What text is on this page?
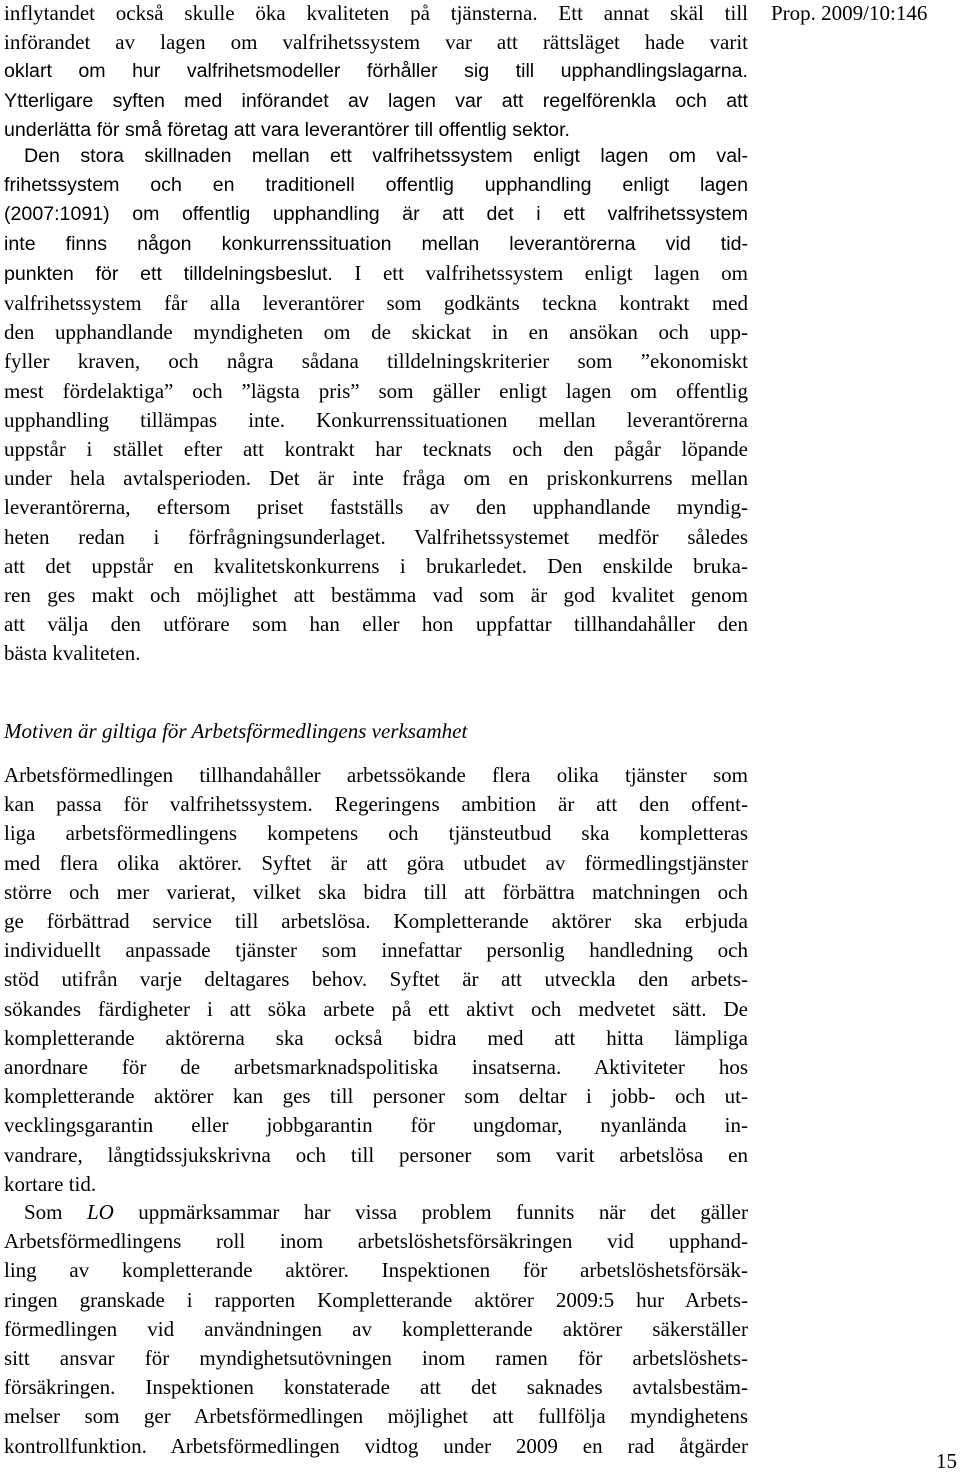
Prop. 2009/10:146
inflytandet också skulle öka kvaliteten på tjänsterna. Ett annat skäl till
införandet av lagen om valfrihetssystem var att rättsläget hade varit
oklart om hur valfrihetsmodeller förhåller sig till upphandlingslagarna.
Ytterligare syften med införandet av lagen var att regelförenkla och att
underlätta för små företag att vara leverantörer till offentlig sektor.
Den stora skillnaden mellan ett valfrihetssystem enligt lagen om val-
frihetssystem och en traditionell offentlig upphandling enligt lagen
(2007:1091) om offentlig upphandling är att det i ett valfrihetssystem
inte finns någon konkurrenssituation mellan leverantörerna vid tid-
punkten för ett tilldelningsbeslut. I ett valfrihetssystem enligt lagen om
valfrihetssystem får alla leverantörer som godkänts teckna kontrakt med
den upphandlande myndigheten om de skickat in en ansökan och upp-
fyller kraven, och några sådana tilldelningskriterier som ”ekonomiskt
mest fördelaktiga” och ”lägsta pris” som gäller enligt lagen om offentlig
upphandling tillämpas inte. Konkurrenssituationen mellan leverantörerna
uppstår i stället efter att kontrakt har tecknats och den pågår löpande
under hela avtalsperioden. Det är inte fråga om en priskonkurrens mellan
leverantörerna, eftersom priset fastställs av den upphandlande myndig-
heten redan i förfrågningsunderlaget. Valfrihetssystemet medför således
att det uppstår en kvalitetskonkurrens i brukarledet. Den enskilde bruka-
ren ges makt och möjlighet att bestämma vad som är god kvalitet genom
att välja den utförare som han eller hon uppfattar tillhandahåller den
bästa kvaliteten.
Motiven är giltiga för Arbetsförmedlingens verksamhet
Arbetsförmedlingen tillhandahåller arbetssökande flera olika tjänster som
kan passa för valfrihetssystem. Regeringens ambition är att den offent-
liga arbetsförmedlingens kompetens och tjänsteutbud ska kompletteras
med flera olika aktörer. Syftet är att göra utbudet av förmedlingstjänster
större och mer varierat, vilket ska bidra till att förbättra matchningen och
ge förbättrad service till arbetslösa. Kompletterande aktörer ska erbjuda
individuellt anpassade tjänster som innefattar personlig handledning och
stöd utifrån varje deltagares behov. Syftet är att utveckla den arbets-
sökandes färdigheter i att söka arbete på ett aktivt och medvetet sätt. De
kompletterande aktörerna ska också bidra med att hitta lämpliga
anordnare för de arbetsmarknadspolitiska insatserna. Aktiviteter hos
kompletterande aktörer kan ges till personer som deltar i jobb- och ut-
vecklingsgarantin eller jobbgarantin för ungdomar, nyanlända in-
vandrare, långtidssjukskrivna och till personer som varit arbetslösa en
kortare tid.
Som LO uppmärksammar har vissa problem funnits när det gäller
Arbetsförmedlingens roll inom arbetslöshetsförsäkringen vid upphand-
ling av kompletterande aktörer. Inspektionen för arbetslöshetsförsäk-
ringen granskade i rapporten Kompletterande aktörer 2009:5 hur Arbets-
förmedlingen vid användningen av kompletterande aktörer säkerställer
sitt ansvar för myndighetsutövningen inom ramen för arbetslöshets-
försäkringen. Inspektionen konstaterade att det saknades avtalsbestäm-
melser som ger Arbetsförmedlingen möjlighet att fullfölja myndighetens
kontrollfunktion. Arbetsförmedlingen vidtog under 2009 en rad åtgärder
15
